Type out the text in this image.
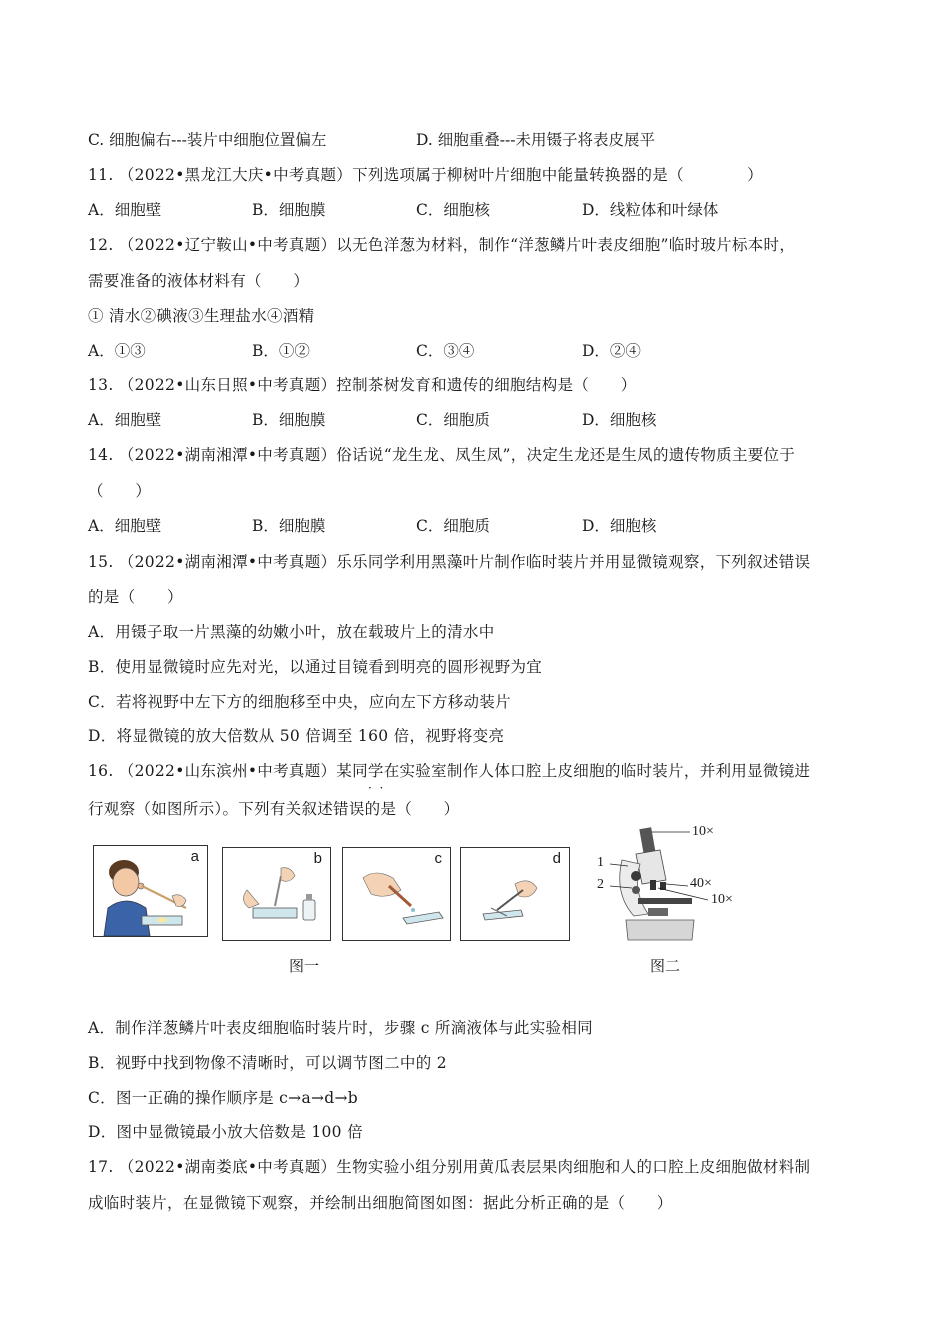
C. 细胞偏右---装片中细胞位置偏左	D. 细胞重叠---未用镊子将表皮展平
11. （2022•黑龙江大庆•中考真题）下列选项属于柳树叶片细胞中能量转换器的是（　　　　）
A．细胞壁	B．细胞膜	C．细胞核	D．线粒体和叶绿体
12. （2022•辽宁鞍山•中考真题）以无色洋葱为材料，制作“洋葱鳞片叶表皮细胞”临时玻片标本时，
需要准备的液体材料有（　　）
① 清水②碘液③生理盐水④酒精
A．①③	B．①②	C．③④	D．②④
13. （2022•山东日照•中考真题）控制茶树发育和遗传的细胞结构是（　　）
A．细胞壁	B．细胞膜	C．细胞质	D．细胞核
14. （2022•湖南湘潭•中考真题）俗话说“龙生龙、凤生凤”，决定生龙还是生凤的遗传物质主要位于
（　　）
A．细胞壁	B．细胞膜	C．细胞质	D．细胞核
15. （2022•湖南湘潭•中考真题）乐乐同学利用黑藻叶片制作临时装片并用显微镜观察，下列叙述错误
的是（　　）
A．用镊子取一片黑藻的幼嫩小叶，放在载玻片上的清水中
B．使用显微镜时应先对光，以通过目镜看到明亮的圆形视野为宜
C．若将视野中左下方的细胞移至中央，应向左下方移动装片
D．将显微镜的放大倍数从 50 倍调至 160 倍，视野将变亮
16. （2022•山东滨州•中考真题）某同学在实验室制作人体口腔上皮细胞的临时装片，并利用显微镜进
·  ·
行观察（如图所示）。下列有关叙述错误的是（　　）
a	b	c	d
图一
10×
1
2	40×
10×
图二
A．制作洋葱鳞片叶表皮细胞临时装片时，步骤 c 所滴液体与此实验相同
B．视野中找到物像不清晰时，可以调节图二中的 2
C．图一正确的操作顺序是 c→a→d→b
D．图中显微镜最小放大倍数是 100 倍
17. （2022•湖南娄底•中考真题）生物实验小组分别用黄瓜表层果肉细胞和人的口腔上皮细胞做材料制
成临时装片，在显微镜下观察，并绘制出细胞简图如图：据此分析正确的是（　　）
